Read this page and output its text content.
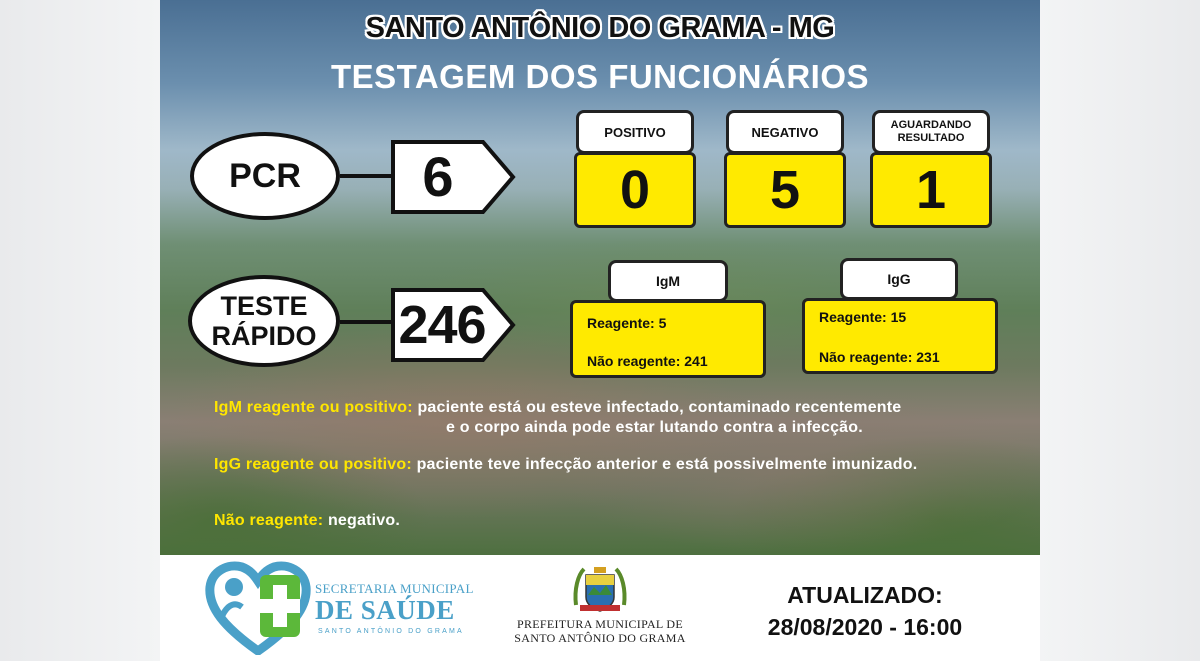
SANTO ANTÔNIO DO GRAMA - MG
TESTAGEM DOS FUNCIONÁRIOS
PCR	6
POSITIVO
0
NEGATIVO
5
AGUARDANDO
RESULTADO
1
TESTE
RÁPIDO 246
IgM
Reagente: 5
Não reagente: 241
IgG
Reagente: 15
Não reagente: 231
IgM reagente ou positivo: paciente está ou esteve infectado, contaminado recentemente
e o corpo ainda pode estar lutando contra a infecção.
IgG reagente ou positivo: paciente teve infecção anterior e está possivelmente imunizado.
Não reagente: negativo.
SECRETARIA MUNICIPAL
DE SAÚDE
SANTO ANTÔNIO DO GRAMA
PREFEITURA MUNICIPAL DE
SANTO ANTÔNIO DO GRAMA
ATUALIZADO:
28/08/2020 - 16:00
